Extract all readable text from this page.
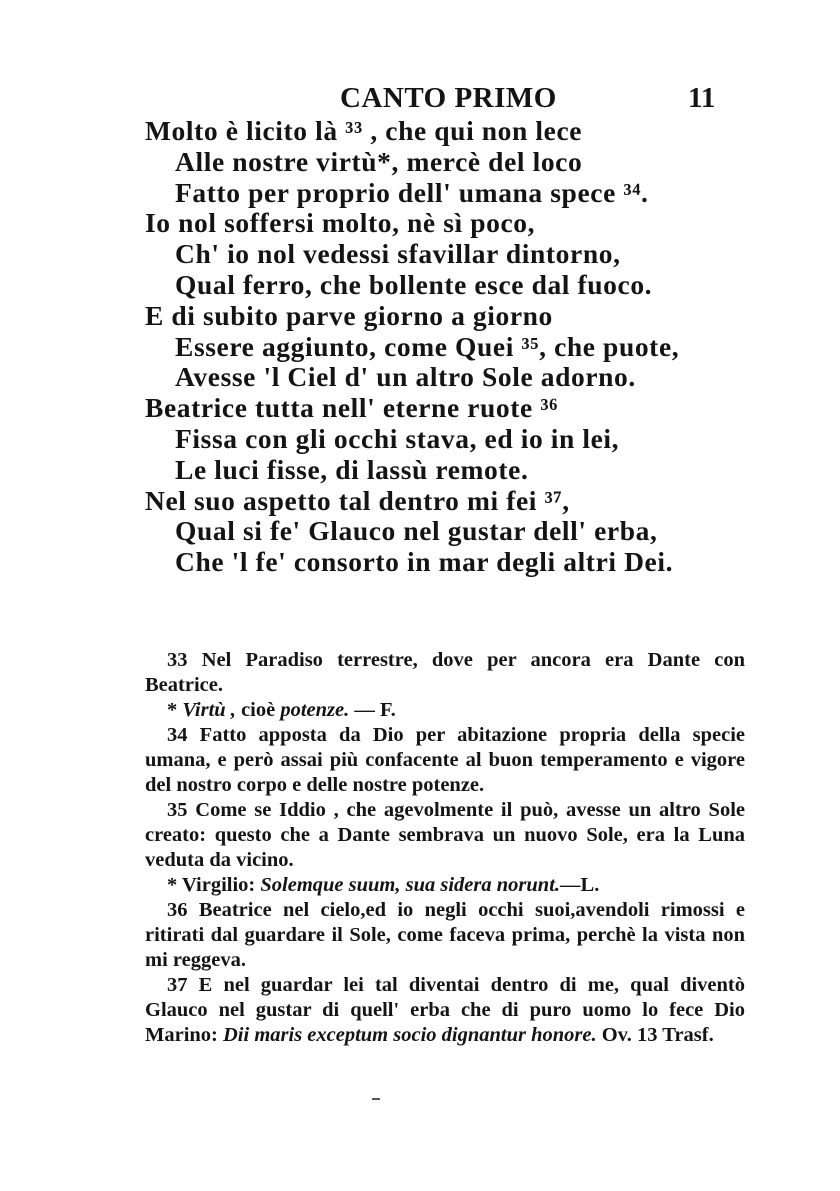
CANTO PRIMO	11
Molto è licito là ³³ , che qui non lece
Alle nostre virtù*, mercè del loco
Fatto per proprio dell' umana spece ³⁴.
Io nol soffersi molto, nè sì poco,
Ch' io nol vedessi sfavillar dintorno,
Qual ferro, che bollente esce dal fuoco.
E di subito parve giorno a giorno
Essere aggiunto, come Quei ³⁵, che puote,
Avesse 'l Ciel d' un altro Sole adorno.
Beatrice tutta nell' eterne ruote ³⁶
Fissa con gli occhi stava, ed io in lei,
Le luci fisse, di lassù remote.
Nel suo aspetto tal dentro mi fei ³⁷,
Qual si fe' Glauco nel gustar dell' erba,
Che 'l fe' consorto in mar degli altri Dei.

33 Nel Paradiso terrestre, dove per ancora era Dante con Beatrice.

* Virtù , cioè potenze. — F.

34 Fatto apposta da Dio per abitazione propria della specie umana, e però assai più confacente al buon temperamento e vigore del nostro corpo e delle nostre potenze.

35 Come se Iddio , che agevolmente il può, avesse un altro Sole creato: questo che a Dante sembrava un nuovo Sole, era la Luna veduta da vicino.

* Virgilio: Solemque suum, sua sidera norunt.—L.

36 Beatrice nel cielo,ed io negli occhi suoi,avendoli rimossi e ritirati dal guardare il Sole, come faceva prima, perchè la vista non mi reggeva.

37 E nel guardar lei tal diventai dentro di me, qual diventò Glauco nel gustar di quell' erba che di puro uomo lo fece Dio Marino: Dii maris exceptum socio dignantur honore. Ov. 13 Trasf.
